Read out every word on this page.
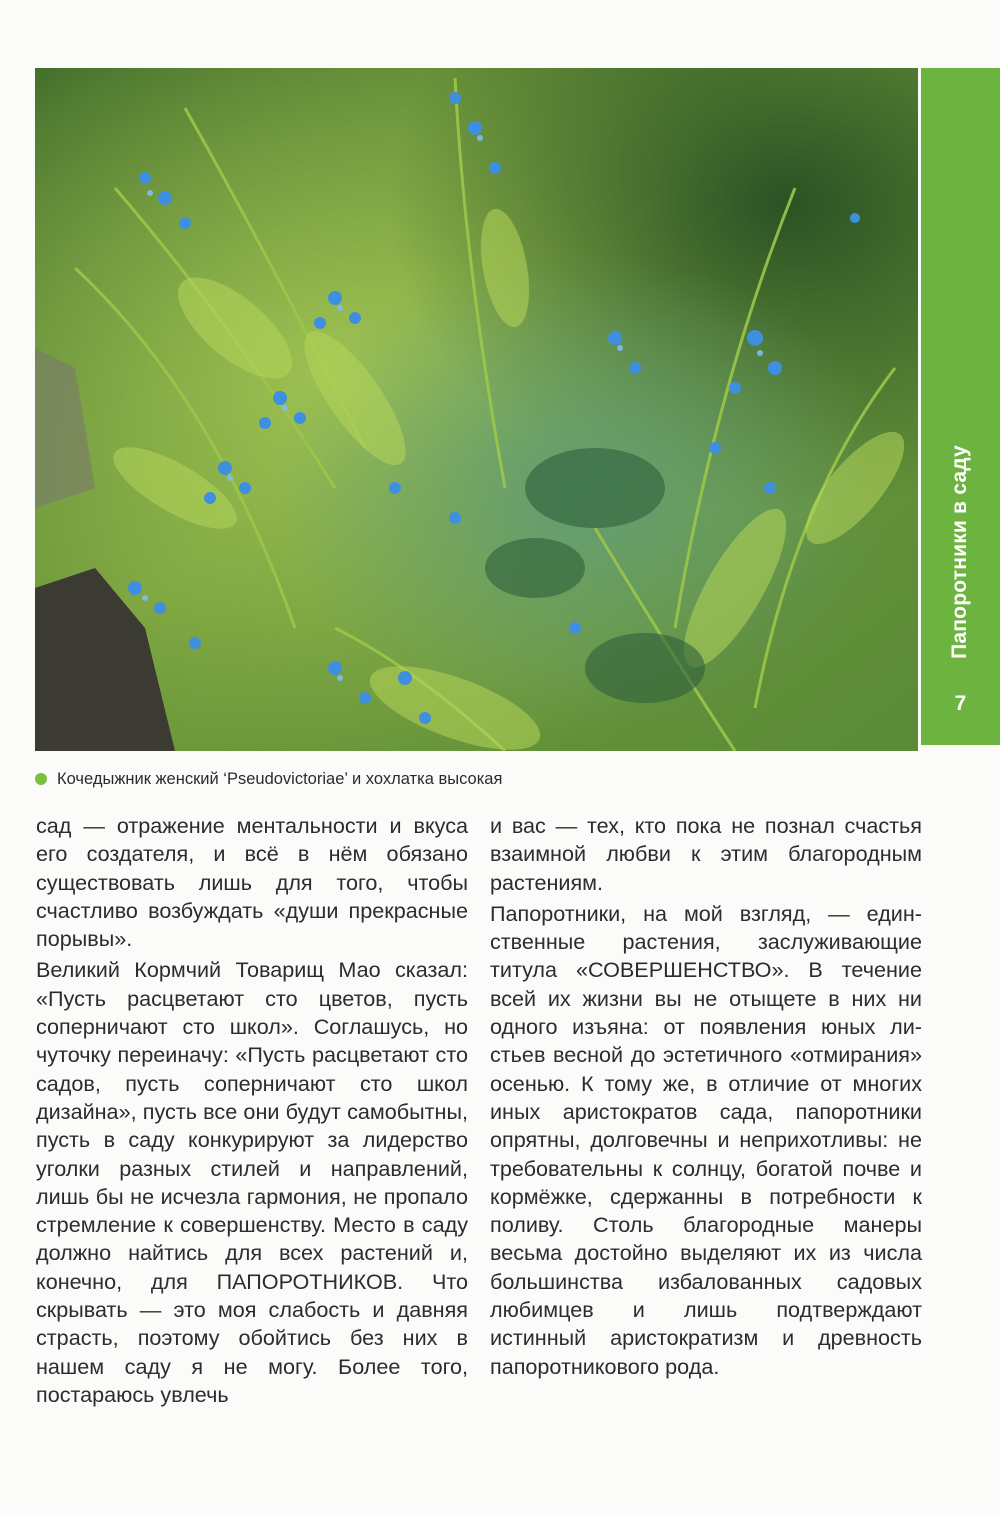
Папоротники в саду
7
Кочедыжник женский ‘Pseudovictoriae’ и хохлатка высокая

сад — отражение ментальности и вкуса его создателя, и всё в нём обязано существовать лишь для того, чтобы счастливо возбуждать «души прекрасные порывы».

Великий Кормчий Товарищ Мао сказал: «Пусть расцветают сто цветов, пусть соперничают сто школ». Соглашусь, но чуточку переиначу: «Пусть расцветают сто садов, пусть соперничают сто школ дизайна», пусть все они будут самобытны, пусть в саду конкурируют за лидерство уголки разных стилей и направлений, лишь бы не исчезла гармония, не пропало стремление к совершенству. Место в саду должно найтись для всех растений и, конечно, для ПАПОРОТНИКОВ. Что скрывать — это моя слабость и давняя страсть, поэтому обойтись без них в нашем саду я не могу. Более того, постараюсь увлечь

и вас — тех, кто пока не познал счастья взаимной любви к этим благородным растениям.

Папоротники, на мой взгляд, — единственные растения, заслуживающие титула «СОВЕРШЕНСТВО». В течение всей их жизни вы не отыщете в них ни одного изъяна: от появления юных листьев весной до эстетичного «отмирания» осенью. К тому же, в отличие от многих иных аристократов сада, папоротники опрятны, долговечны и неприхотливы: не требовательны к солнцу, богатой почве и кормёжке, сдержанны в потребности к поливу. Столь благородные манеры весьма достойно выделяют их из числа большинства избалованных садовых любимцев и лишь подтверждают истинный аристократизм и древность папоротникового рода.
